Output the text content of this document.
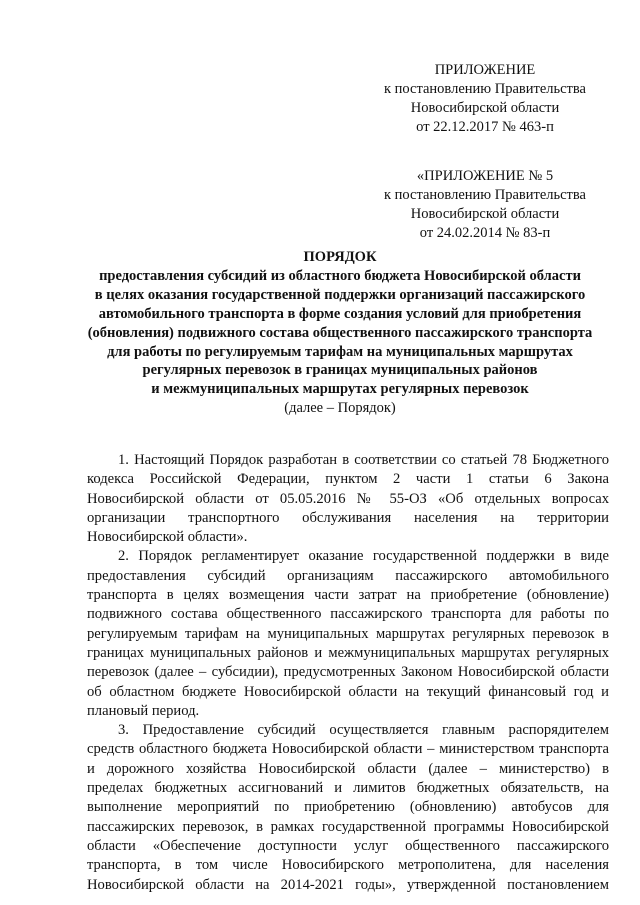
ПРИЛОЖЕНИЕ
к постановлению Правительства
Новосибирской области
от 22.12.2017 № 463-п
«ПРИЛОЖЕНИЕ № 5
к постановлению Правительства
Новосибирской области
от 24.02.2014 № 83-п
ПОРЯДОК
предоставления субсидий из областного бюджета Новосибирской области
в целях оказания государственной поддержки организаций пассажирского
автомобильного транспорта в форме создания условий для приобретения
(обновления) подвижного состава общественного пассажирского транспорта
для работы по регулируемым тарифам на муниципальных маршрутах
регулярных перевозок в границах муниципальных районов
и межмуниципальных маршрутах регулярных перевозок
(далее – Порядок)
1. Настоящий Порядок разработан в соответствии со статьей 78 Бюджетного
кодекса Российской Федерации, пунктом 2 части 1 статьи 6 Закона
Новосибирской области от 05.05.2016 № 55-ОЗ «Об отдельных вопросах
организации транспортного обслуживания населения на территории
Новосибирской области».
2. Порядок регламентирует оказание государственной поддержки в виде
предоставления субсидий организациям пассажирского автомобильного
транспорта в целях возмещения части затрат на приобретение (обновление)
подвижного состава общественного пассажирского транспорта для работы по
регулируемым тарифам на муниципальных маршрутах регулярных перевозок в
границах муниципальных районов и межмуниципальных маршрутах регулярных
перевозок (далее – субсидии), предусмотренных Законом Новосибирской области
об областном бюджете Новосибирской области на текущий финансовый год и
плановый период.
3. Предоставление субсидий осуществляется главным распорядителем
средств областного бюджета Новосибирской области – министерством транспорта
и дорожного хозяйства Новосибирской области (далее – министерство) в
пределах бюджетных ассигнований и лимитов бюджетных обязательств, на
выполнение мероприятий по приобретению (обновлению) автобусов для
пассажирских перевозок, в рамках государственной программы Новосибирской
области «Обеспечение доступности услуг общественного пассажирского
транспорта, в том числе Новосибирского метрополитена, для населения
Новосибирской области на 2014-2021 годы», утвержденной постановлением
